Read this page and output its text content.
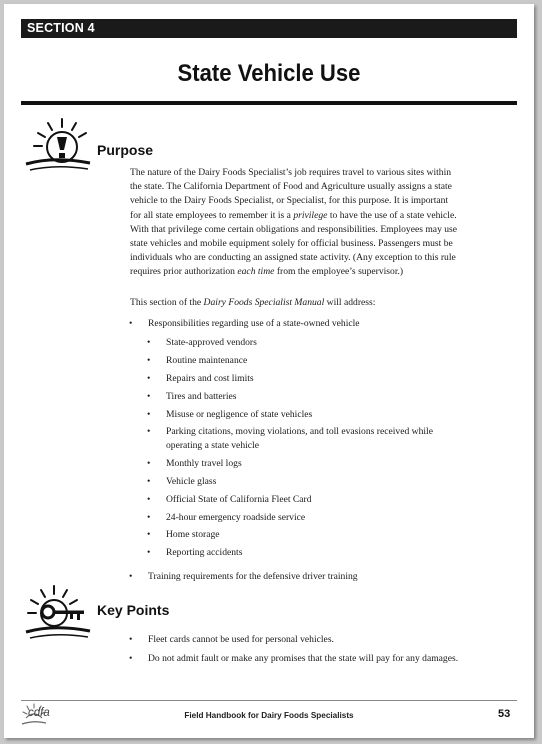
SECTION 4
State Vehicle Use
Purpose
The nature of the Dairy Foods Specialist’s job requires travel to various sites within
the state. The California Department of Food and Agriculture usually assigns a state
vehicle to the Dairy Foods Specialist, or Specialist, for this purpose. It is important
for all state employees to remember it is a privilege to have the use of a state vehicle.
With that privilege come certain obligations and responsibilities. Employees may use
state vehicles and mobile equipment solely for official business. Passengers must be
individuals who are conducting an assigned state activity. (Any exception to this rule
requires prior authorization each time from the employee’s supervisor.)
This section of the Dairy Foods Specialist Manual will address:
• Responsibilities regarding use of a state-owned vehicle
• State-approved vendors
• Routine maintenance
• Repairs and cost limits
• Tires and batteries
• Misuse or negligence of state vehicles
• Parking citations, moving violations, and toll evasions received while
operating a state vehicle
• Monthly travel logs
• Vehicle glass
• Official State of California Fleet Card
• 24-hour emergency roadside service
• Home storage
• Reporting accidents
• Training requirements for the defensive driver training
Key Points
• Fleet cards cannot be used for personal vehicles.
• Do not admit fault or make any promises that the state will pay for any damages.
cdfa	Field Handbook for Dairy Foods Specialists	53
